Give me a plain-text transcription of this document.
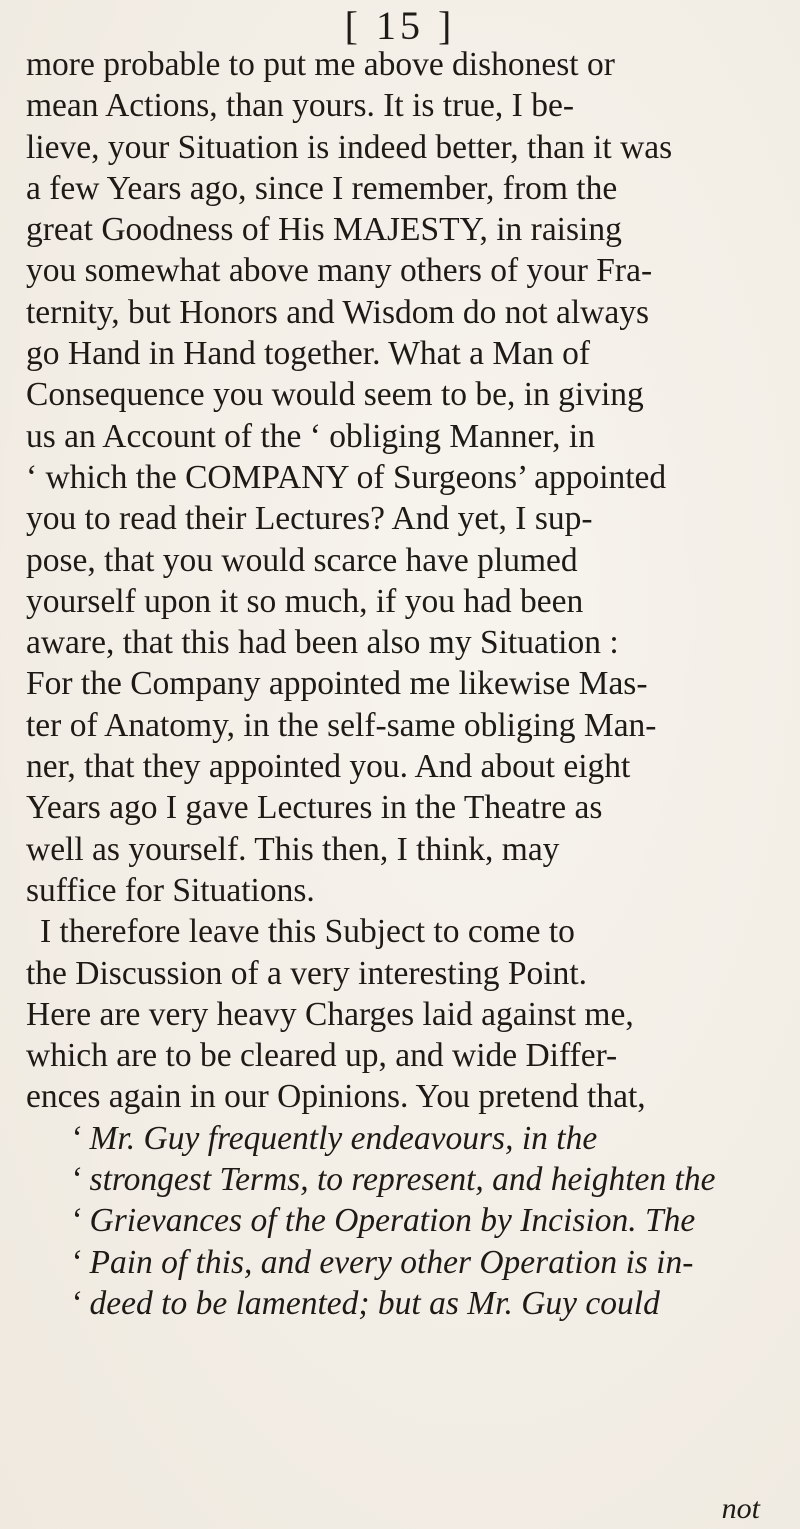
[ 15 ]
more probable to put me above dishonest or
mean Actions, than yours. It is true, I be-
lieve, your Situation is indeed better, than it was
a few Years ago, since I remember, from the
great Goodness of His MAJESTY, in raising
you somewhat above many others of your Fra-
ternity, but Honors and Wisdom do not always
go Hand in Hand together. What a Man of
Consequence you would seem to be, in giving
us an Account of the ‘ obliging Manner, in
‘ which the COMPANY of Surgeons’ appointed
you to read their Lectures? And yet, I sup-
pose, that you would scarce have plumed
yourself upon it so much, if you had been
aware, that this had been also my Situation :
For the Company appointed me likewise Mas-
ter of Anatomy, in the self-same obliging Man-
ner, that they appointed you. And about eight
Years ago I gave Lectures in the Theatre as
well as yourself. This then, I think, may
suffice for Situations.
I therefore leave this Subject to come to
the Discussion of a very interesting Point.
Here are very heavy Charges laid against me,
which are to be cleared up, and wide Differ-
ences again in our Opinions. You pretend that,
‘ Mr. Guy frequently endeavours, in the
‘ strongest Terms, to represent, and heighten the
‘ Grievances of the Operation by Incision. The
‘ Pain of this, and every other Operation is in-
‘ deed to be lamented; but as Mr. Guy could
not
